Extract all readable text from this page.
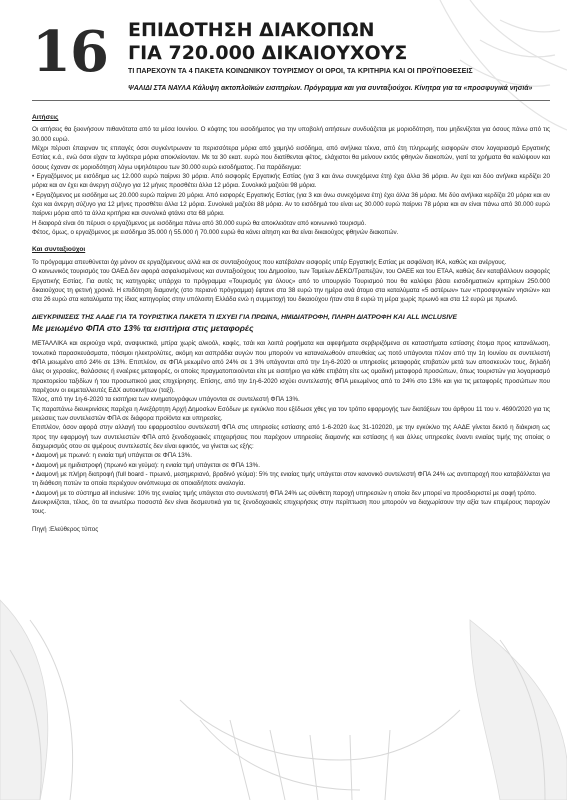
16 ΕΠΙΔΟΤΗΣΗ ΔΙΑΚΟΠΩΝ
ΓΙΑ 720.000 ΔΙΚΑΙΟΥΧΟΥΣ
ΤΙ ΠΑΡΕΧΟΥΝ ΤΑ 4 ΠΑΚΕΤΑ ΚΟΙΝΩΝΙΚΟΥ ΤΟΥΡΙΣΜΟΥ ΟΙ ΟΡΟΙ, ΤΑ ΚΡΙΤΗΡΙΑ ΚΑΙ ΟΙ ΠΡΟΫΠΟΘΕΣΕΙΣ
ΨΑΛΙΔΙ ΣΤΑ ΝΑΥΛΑ Κάλυψη ακτοπλοϊκών εισιτηρίων. Πρόγραμμα και για συνταξιούχοι. Κίνητρα για τα «προσφυγικά νησιά»

Αιτήσεις

Οι αιτήσεις θα ξεκινήσουν πιθανότατα από τα μέσα Ιουνίου. Ο κόφτης του εισοδήματος για την υποβολή αιτήσεων συνδυάζεται με μοριοδότηση, που μηδενίζεται για όσους πάνω από τις 30.000 ευρώ.

Μέχρι πέρυσι έπαιρναν τις επιταγές όσοι συγκέντρωναν τα περισσότερα μόρια από χαμηλό εισόδημα, από ανήλικα τέκνα, από έτη πληρωμής εισφορών στον λογαριασμό Εργατικής Εστίας κ.ά., ενώ όσοι είχαν τα λιγότερα μόρια αποκλείονταν. Με τα 30 εκατ. ευρώ που διατίθενται φέτος, ελάχιστοι θα μείνουν εκτός φθηνών διακοπών, γιατί τα χρήματα θα καλύψουν και όσους έχαναν σε μοριοδότηση λόγω υψηλότερου των 30.000 ευρώ εισοδήματος. Για παράδειγμα:

• Εργαζόμενος με εισόδημα ως 12.000 ευρώ παίρνει 30 μόρια. Από εισφορές Εργατικής Εστίας (για 3 και άνω συνεχόμενα έτη) έχει άλλα 36 μόρια. Αν έχει και δύο ανήλικα κερδίζει 20 μόρια και αν έχει και άνεργη σύζυγο για 12 μήνες προσθέτει άλλα 12 μόρια. Συνολικά μαζεύει 98 μόρια.

• Εργαζόμενος με εισόδημα ως 20.000 ευρώ παίρνει 20 μόρια. Από εισφορές Εργατικής Εστίας (για 3 και άνω συνεχόμενα έτη) έχει άλλα 36 μόρια. Με δύο ανήλικα κερδίζει 20 μόρια και αν έχει και άνεργη σύζυγο για 12 μήνες προσθέτει άλλα 12 μόρια. Συνολικά μαζεύει 88 μόρια. Αν το εισόδημά του είναι ως 30.000 ευρώ παίρνει 78 μόρια και αν είναι πάνω από 30.000 ευρώ παίρνει μόρια από τα άλλα κριτήρια και συνολικά φτάνει στα 68 μόρια.

Η διαφορά είναι ότι πέρυσι ο εργαζόμενος με εισόδημα πάνω από 30.000 ευρώ θα αποκλειόταν από κοινωνικό τουρισμό.

Φέτος, όμως, ο εργαζόμενος με εισόδημα 35.000 ή 55.000 ή 70.000 ευρώ θα κάνει αίτηση και θα είναι δικαιούχος φθηνών διακοπών.

Και συνταξιούχοι

Το πρόγραμμα απευθύνεται όχι μόνον σε εργαζόμενους αλλά και σε συνταξιούχους που κατέβαλαν εισφορές υπέρ Εργατικής Εστίας με ασφάλιση ΙΚΑ, καθώς και ανέργους.

Ο κοινωνικός τουρισμός του ΟΑΕΔ δεν αφορά ασφαλισμένους και συνταξιούχους του Δημοσίου, των Ταμείων ΔΕΚΟ/Τραπεζών, του ΟΑΕΕ και του ΕΤΑΑ, καθώς δεν καταβάλλουν εισφορές Εργατικής Εστίας. Για αυτές τις κατηγορίες υπάρχει το πρόγραμμα «Τουρισμός για όλους» από το υπουργείο Τουρισμού που θα καλύψει βάσει εισοδηματικών κριτηρίων 250.000 δικαιούχους τη φετινή χρονιά. Η επιδότηση διαμονής (στο περιανό πρόγραμμα) έφτανε στα 38 ευρώ την ημέρα ανά άτομο στα καταλύματα «5 αστέρων» των «προσφυγικών νησιών» και στα 26 ευρώ στα καταλύματα της ίδιας κατηγορίας στην υπόλοιπη Ελλάδα ενώ η συμμετοχή του δικαιούχου ήταν στα 8 ευρώ τη μέρα χωρίς πρωινό και στα 12 ευρώ με πρωινό.

ΔΙΕΥΚΡΙΝΙΣΕΙΣ ΤΗΣ ΑΑΔΕ ΓΙΑ ΤΑ ΤΟΥΡΙΣΤΙΚΑ ΠΑΚΕΤΑ ΤΙ ΙΣΧΥΕΙ ΓΙΑ ΠΡΩΙΝΑ, ΗΜΙΔΙΑΤΡΟΦΗ, ΠΛΗΡΗ ΔΙΑΤΡΟΦΗ ΚΑΙ ALL INCLUSIVE

Με μειωμένο ΦΠΑ στο 13% τα εισιτήρια στις μεταφορές

ΜΕΤΑΛΛΙΚΑ και αεριούχα νερά, αναψυκτικά, μπίρα χωρίς αλκοόλ, καφές, τσάι και λοιπά ροφήματα και αφεψήματα σερβιριζόμενα σε καταστήματα εστίασης έτοιμα προς κατανάλωση, τονωτικά παρασκευάσματα, πόσιμοι ηλεκτρολύτες, ακόμη και ασπράδια αυγών που μπορούν να καταναλωθούν απευθείας ως ποτό υπάγονται πλέον από την 1η Ιουνίου σε συντελεστή ΦΠΑ μειωμένο από 24% σε 13%. Επιπλέον, σε ΦΠΑ μειωμένο από 24% σε 1 3% υπάγονται από την 1η-6-2020 οι υπηρεσίες μεταφοράς επιβατών μετά των αποσκευών τους, δηλαδή όλες οι χερσαίες, θαλάσσιες ή εναέριες μεταφορές, οι οποίες πραγματοποιούνται είτε με εισιτήριο για κάθε επιβάτη είτε ως ομαδική μεταφορά προσώπων, όπως τουριστών για λογαριασμό πρακτορείου ταξιδίων ή του προσωπικού μιας επιχείρησης. Επίσης, από την 1η-6-2020 ισχύει συντελεστής ΦΠΑ μειωμένος από το 24% στο 13% και για τις μεταφορές προσώπων που παρέχουν οι εκμεταλλευτές ΕΔΧ αυτοκινήτων (ταξί).

Τέλος, από την 1η-6-2020 τα εισιτήρια των κινηματογράφων υπάγονται σε συντελεστή ΦΠΑ 13%.

Τις παραπάνω διευκρινίσεις παρέχει η Ανεξάρτητη Αρχή Δημοσίων Εσόδων με εγκύκλιο που εξέδωσε χθες για τον τρόπο εφαρμογής των διατάξεων του άρθρου 11 του ν. 4690/2020 για τις μειώσεις των συντελεστών ΦΠΑ σε διάφορα προϊόντα και υπηρεσίες.

Επιπλέον, όσον αφορά στην αλλαγή του εφαρμοστέου συντελεστή ΦΠΑ στις υπηρεσίες εστίασης από 1-6-2020 έως 31-102020, με την εγκύκλιο της ΑΑΔΕ γίνεται δεκτό η διάκριση ως προς την εφαρμογή των συντελεστών ΦΠΑ από ξενοδοχειακές επιχειρήσεις που παρέχουν υπηρεσίες διαμονής και εστίασης ή και άλλες υπηρεσίες έναντι ενιαίας τιμής της οποίας ο διαχωρισμός οτου σε ψμέρους συντελεστές δεν είναι εφικτός, να γίνεται ως εξής:

• Διαμονή με πρωινό: η ενιαία τιμή υπάγεται σε ΦΠΑ 13%.

• Διαμονή με ημιδιατροφή (πρωινό και γεύμα): η ενιαία τιμή υπάγεται σε ΦΠΑ 13%.

• Διαμονή με πλήρη διατροφή (full board - πρωινό, μεσημεριανό, βραδινό γεύμα): 5% της ενιαίας τιμής υπάγεται στον κανονικό συντελεστή ΦΠΑ 24% ως αντιπαροχή που καταβάλλεται για τη διάθεση ποτών τα οποία περιέχουν οινόπνευμα σε οποιαδήποτε αναλογία.

• Διαμονή με το σύστημα all inclusive: 10% της ενιαίας τιμής υπάγεται στο συντελεστή ΦΠΑ 24% ως σύνθετη παροχή υπηρεσιών η οποία δεν μπορεί να προσδιοριστεί με σαφή τρόπο.

Διευκρινίζεται, τέλος, ότι τα ανωτέρω ποσοστά δεν είναι δεσμευτικά για τις ξενοδοχειακές επιχειρήσεις στην περίπτωση που μπορούν να διαχωρίσουν την αξία των επιμέρους παροχών τους.

Πηγή :Ελεύθερος τύπος
